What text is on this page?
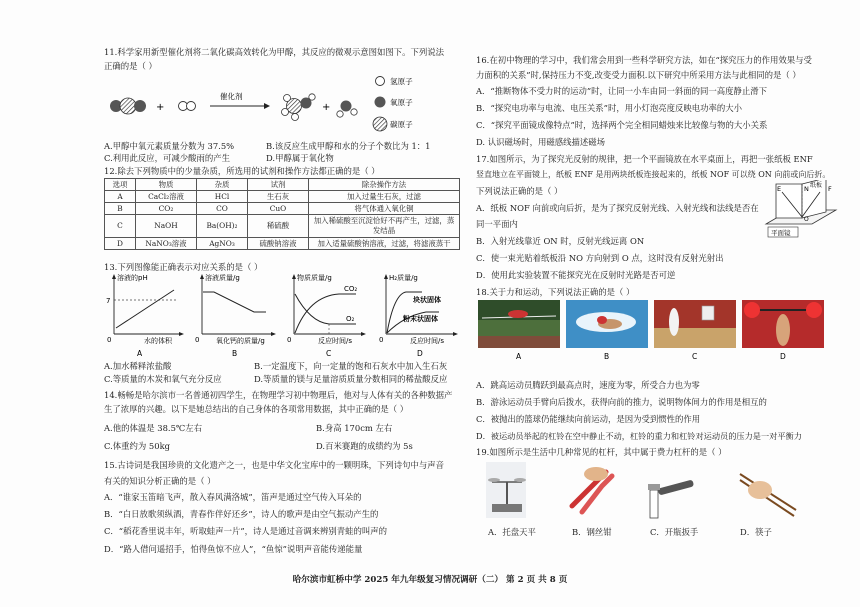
11.科学家用新型催化剂将二氧化碳高效转化为甲醇，其反应的微观示意图如图下。下列说法
正确的是（ ）
+
催化剂
+
氢原子
氧原子
碳原子
A.甲醇中氧元素质量分数为 37.5%	B.该反应生成甲醇和水的分子个数比为 1：1
C.利用此反应，可减少酸雨的产生	D.甲醇属于氧化物
12.除去下列物质中的少量杂质，所选用的试剂和操作方法都正确的是（ ）
选项	物质	杂质	试剂	除杂操作方法
A	CaCl₂溶液	HCl	生石灰	加入过量生石灰，过滤
B	CO₂	CO	CuO	将气体通入氧化铜
C	NaOH	Ba(OH)₂	稀硫酸	加入稀硫酸至沉淀恰好不再产生，过滤，蒸发结晶
D	NaNO₃溶液	AgNO₃	硫酸钠溶液	加入适量硫酸钠溶液，过滤，将滤液蒸干
13.下列图像能正确表示对应关系的是（ ）
溶液的pH
7
0	水的体积
A
溶液质量/g
0 氧化钙的质量/g
B
物质质量/g
CO₂
O₂
0	反应时间/s
C
H₂质量/g
块状固体
粉末状固体
0	反应时间/s
D
A.加水稀释浓盐酸	B.一定温度下，向一定量的饱和石灰水中加入生石灰
C.等质量的木炭和氧气充分反应	D.等质量的镁与足量溶质质量分数相同的稀盐酸反应
14.畅畅是哈尔滨市一名普通初四学生，在物理学习初中物理后，他对与人体有关的各种数据产
生了浓厚的兴趣。以下是她总结出的自己身体的各项常用数据，其中正确的是（ ）
A.他的体温是 38.5℃左右	B.身高 170cm 左右
C.体重约为 50kg	D.百米赛跑的成绩约为 5s
15.古诗词是我国珍贵的文化遗产之一，也是中华文化宝库中的一颗明珠，下列诗句中与声音
有关的知识分析正确的是（ ）
A．“谁家玉笛暗飞声，散入春风满洛城”，笛声是通过空气传入耳朵的
B．“白日放歌须纵酒，青春作伴好还乡”，诗人的歌声是由空气振动产生的
C．“稻花香里说丰年，听取蛙声一片”，诗人是通过音调来辨别青蛙的叫声的
D．“路人借问遥招手，怕得鱼惊不应人”，“鱼惊”说明声音能传递能量
16.在初中物理的学习中，我们常会用到一些科学研究方法，如在“探究压力的作用效果与受
力面积的关系”时,保持压力不变,改变受力面积.以下研究中所采用方法与此相同的是（ ）
A．“推断物体不受力时的运动”时，让同一小车由同一斜面的同一高度静止滑下
B．“探究电功率与电流、电压关系”时，用小灯泡亮度反映电功率的大小
C．“探究平面镜成像特点”时，选择两个完全相同蜡烛来比较像与物的大小关系
D. 认识磁场时，用磁感线描述磁场
17.如图所示，为了探究光反射的规律，把一个平面镜放在水平桌面上，再把一张纸板 ENF
竖直地立在平面镜上，纸板 ENF 是用两块纸板连接起来的，纸板 NOF 可以绕 ON 向前或向后折。
下列说法正确的是（ ）
A．纸板 NOF 向前或向后折，是为了探究反射光线、入射光线和法线是否在
同一平面内
B．入射光线靠近 ON 时，反射光线远离 ON
C．使一束光贴着纸板沿 NO 方向射到 O 点，这时没有反射光射出
D．使用此实验装置不能探究光在反射时光路是否可逆
E	N	F
O
纸板
平面镜
18.关于力和运动，下列说法正确的是（ ）
A	B	C	D
A．跳高运动员腾跃到最高点时，速度为零，所受合力也为零
B．游泳运动员手臂向后拨水，获得向前的推力，说明物体间力的作用是相互的
C．被抛出的篮球仍能继续向前运动，是因为受到惯性的作用
D．被运动员举起的杠铃在空中静止不动，杠铃的重力和杠铃对运动员的压力是一对平衡力
19.如图所示是生活中几种常见的杠杆，其中属于费力杠杆的是（ ）
A．托盘天平	B．钢丝钳	C．开瓶扳手	D．筷子
哈尔滨市虹桥中学 2025 年九年级复习情况调研（二） 第 2 页 共 8 页
